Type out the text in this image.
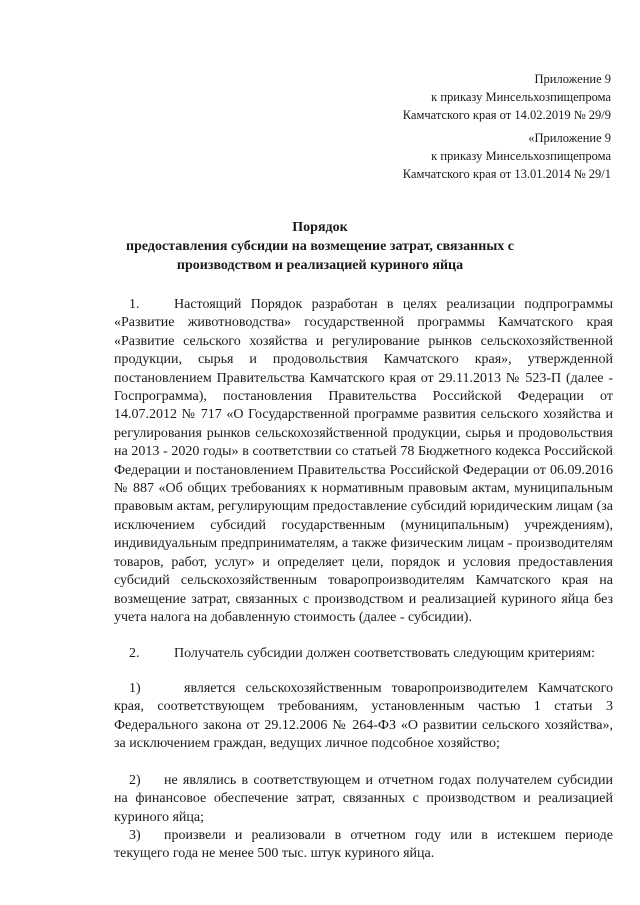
Приложение 9
к приказу Минсельхозпищепрома
Камчатского края от 14.02.2019 № 29/9
«Приложение 9
к приказу Минсельхозпищепрома
Камчатского края от 13.01.2014 № 29/1
Порядок
предоставления субсидии на возмещение затрат, связанных с
производством и реализацией куриного яйца

1. Настоящий Порядок разработан в целях реализации подпрограммы «Развитие животноводства» государственной программы Камчатского края «Развитие сельского хозяйства и регулирование рынков сельскохозяйственной продукции, сырья и продовольствия Камчатского края», утвержденной постановлением Правительства Камчатского края от 29.11.2013 № 523-П (далее - Госпрограмма), постановления Правительства Российской Федерации от 14.07.2012 № 717 «О Государственной программе развития сельского хозяйства и регулирования рынков сельскохозяйственной продукции, сырья и продовольствия на 2013 - 2020 годы» в соответствии со статьей 78 Бюджетного кодекса Российской Федерации и постановлением Правительства Российской Федерации от 06.09.2016 № 887 «Об общих требованиях к нормативным правовым актам, муниципальным правовым актам, регулирующим предоставление субсидий юридическим лицам (за исключением субсидий государственным (муниципальным) учреждениям), индивидуальным предпринимателям, а также физическим лицам - производителям товаров, работ, услуг» и определяет цели, порядок и условия предоставления субсидий сельскохозяйственным товаропроизводителям Камчатского края на возмещение затрат, связанных с производством и реализацией куриного яйца без учета налога на добавленную стоимость (далее - субсидии).

2. Получатель субсидии должен соответствовать следующим критериям:

1)	является сельскохозяйственным товаропроизводителем Камчатского края, соответствующем требованиям, установленным частью 1 статьи 3 Федерального закона от 29.12.2006 № 264-ФЗ «О развитии сельского хозяйства», за исключением граждан, ведущих личное подсобное хозяйство;

2) не являлись в соответствующем и отчетном годах получателем субсидии на финансовое обеспечение затрат, связанных с производством и реализацией куриного яйца;

3) произвели и реализовали в отчетном году или в истекшем периоде текущего года не менее 500 тыс. штук куриного яйца.
